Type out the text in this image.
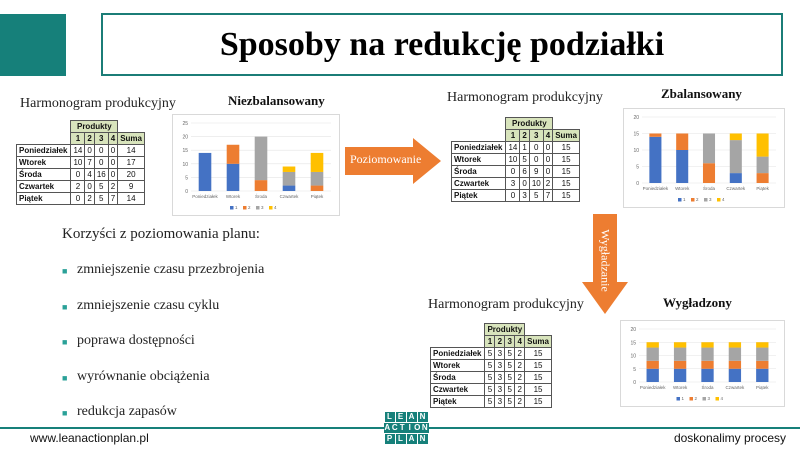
Sposoby na redukcję podziałki
Harmonogram produkcyjny
	Produkty				
	1	2	3	4	Suma
Poniedziałek	14	0	0	0	14
Wtorek	10	7	0	0	17
Środa	0	4	16	0	20
Czwartek	2	0	5	2	9
Piątek	0	2	5	7	14
Niezbalansowany
0
5
10
15
20
25
Poniedziałek Wtorek	Środa	Czwartek	Piątek
1 2 3 4
Poziomowanie
Harmonogram produkcyjny
	Produkty				
	1	2	3	4	Suma
Poniedziałek	14	1	0	0	15
Wtorek	10	5	0	0	15
Środa	0	6	9	0	15
Czwartek	3	0	10	2	15
Piątek	0	3	5	7	15
Zbalansowany
0
5
10
15
20
Poniedziałek Wtorek	Środa	Czwartek Piątek
1 2 3 4
Wygładzanie
Korzyści z poziomowania planu:
■ zmniejszenie czasu przezbrojenia
■ zmniejszenie czasu cyklu
■ poprawa dostępności
■ wyrównanie obciążenia
■ redukcja zapasów
Harmonogram produkcyjny
	Produkty				
	1	2	3	4	Suma
Poniedziałek	5	3	5	2	15
Wtorek	5	3	5	2	15
Środa	5	3	5	2	15
Czwartek	5	3	5	2	15
Piątek	5	3	5	2	15
Wygładzony
0
5
10
15
20
Poniedziałek Wtorek	Środa	Czwartek	Piątek
1 2 3 4
www.leanactionplan.pl	doskonalimy procesy
L E A N
A C T I O N
P L A N
